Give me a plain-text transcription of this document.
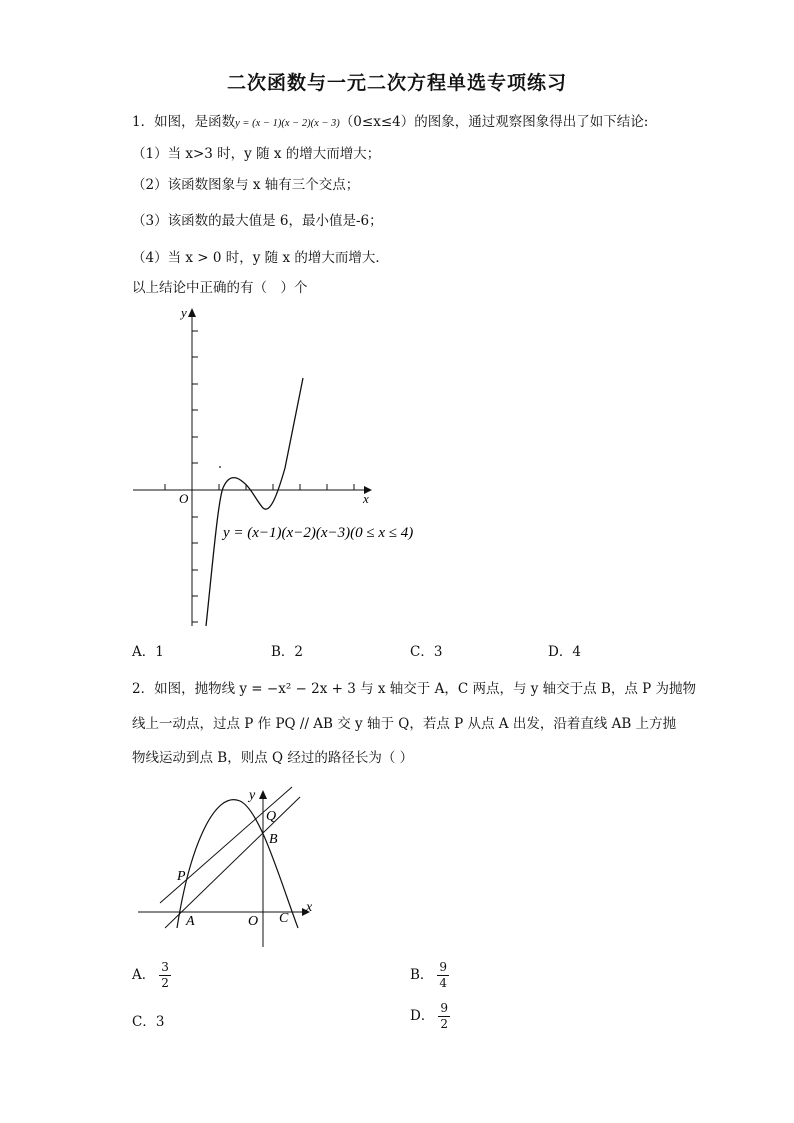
二次函数与一元二次方程单选专项练习
1．如图，是函数y = (x − 1)(x − 2)(x − 3)（0≤x≤4）的图象，通过观察图象得出了如下结论:
（1）当 x>3 时，y 随 x 的增大而增大；
（2）该函数图象与 x 轴有三个交点；
（3）该函数的最大值是 6，最小值是-6；
（4）当 x > 0 时，y 随 x 的增大而增大．
以上结论中正确的有（　）个
y
x
O
y = (x−1)(x−2)(x−3)(0 ≤ x ≤ 4)
A．1	B．2	C．3	D．4
2．如图，抛物线 y = −x² − 2x + 3 与 x 轴交于 A，C 两点，与 y 轴交于点 B，点 P 为抛物
线上一动点，过点 P 作 PQ // AB 交 y 轴于 Q，若点 P 从点 A 出发，沿着直线 AB 上方抛
物线运动到点 B，则点 Q 经过的路径长为（ ）
y
x
Q
B
P
A	O C
A． $\frac{3}{2}$	B． $\frac{9}{4}$
C．3	D． $\frac{9}{2}$
